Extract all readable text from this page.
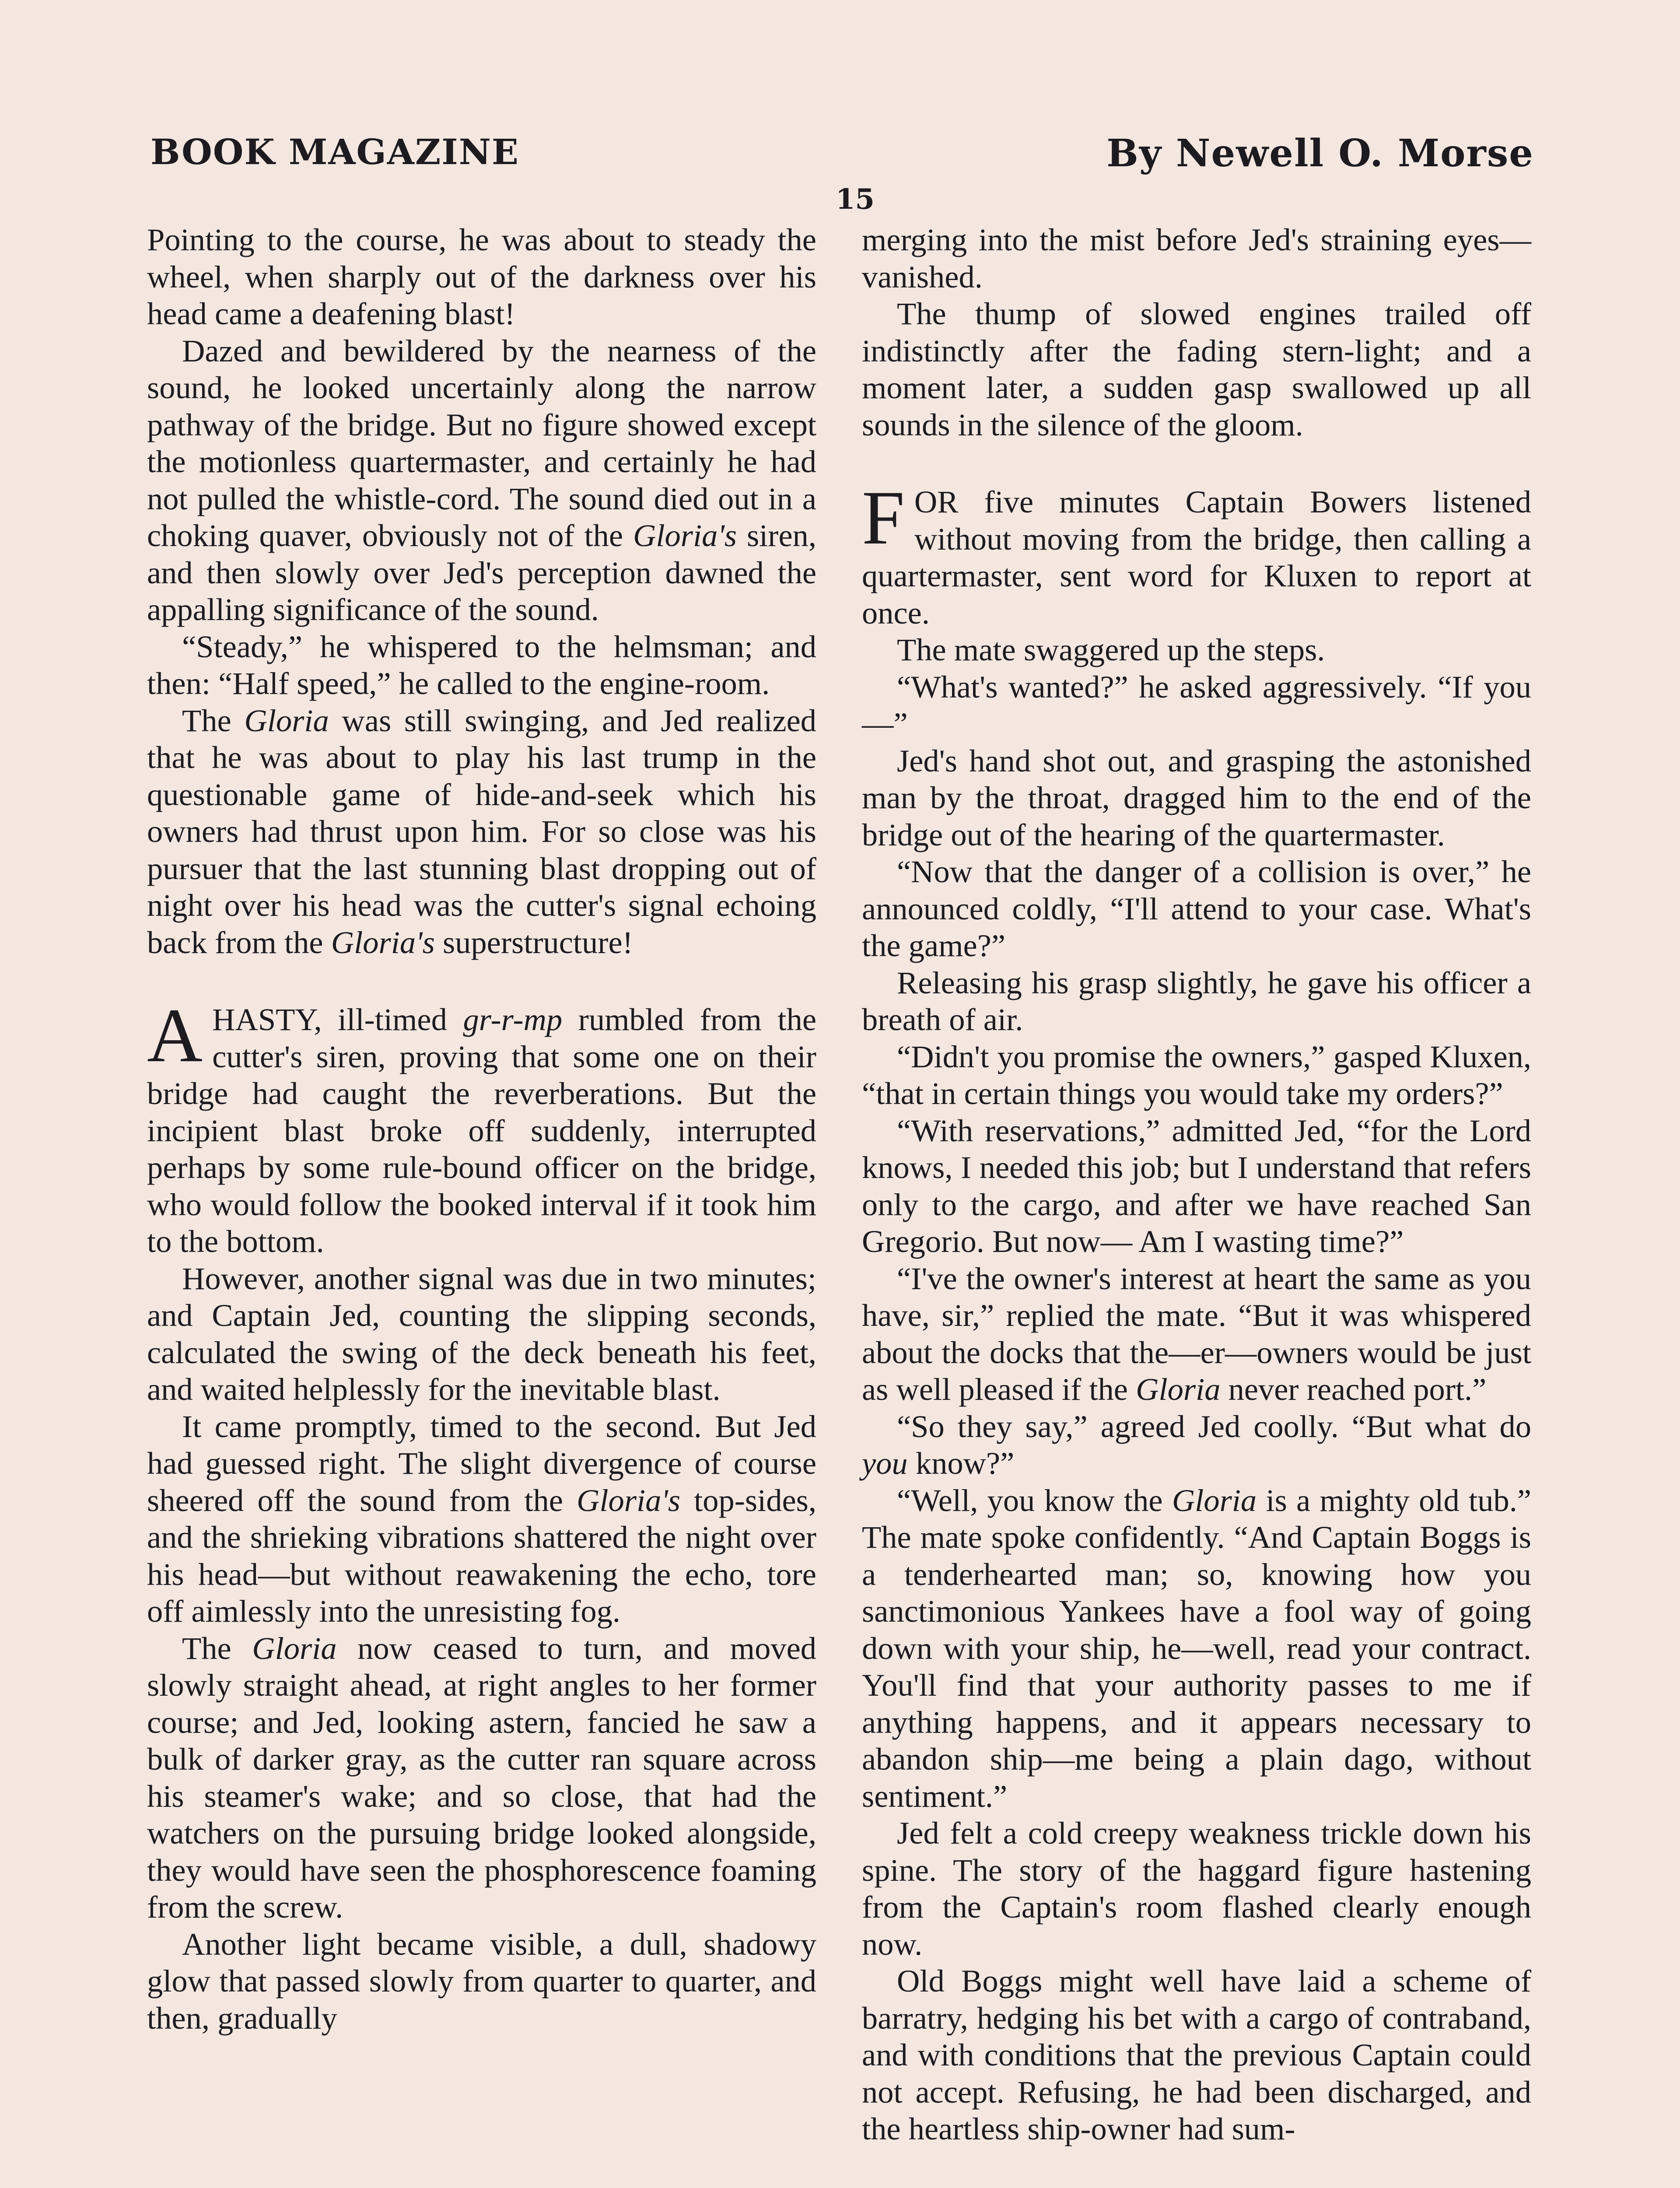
BOOK MAGAZINE	By Newell O. Morse
15

Pointing to the course, he was about to steady the wheel, when sharply out of the darkness over his head came a deafening blast!

Dazed and bewildered by the nearness of the sound, he looked uncertainly along the narrow pathway of the bridge. But no figure showed except the motionless quartermaster, and certainly he had not pulled the whistle-cord. The sound died out in a choking quaver, obviously not of the Gloria's siren, and then slowly over Jed's perception dawned the appalling significance of the sound.

“Steady,” he whispered to the helmsman; and then: “Half speed,” he called to the engine-room.

The Gloria was still swinging, and Jed realized that he was about to play his last trump in the questionable game of hide-and-seek which his owners had thrust upon him. For so close was his pursuer that the last stunning blast dropping out of night over his head was the cutter's signal echoing back from the Gloria's superstructure!

A HASTY, ill-timed gr-r-mp rumbled from the cutter's siren, proving that some one on their bridge had caught the reverberations. But the incipient blast broke off suddenly, interrupted perhaps by some rule-bound officer on the bridge, who would follow the booked interval if it took him to the bottom.

However, another signal was due in two minutes; and Captain Jed, counting the slipping seconds, calculated the swing of the deck beneath his feet, and waited helplessly for the inevitable blast.

It came promptly, timed to the second. But Jed had guessed right. The slight divergence of course sheered off the sound from the Gloria's top-sides, and the shrieking vibrations shattered the night over his head—but without reawakening the echo, tore off aimlessly into the unresisting fog.

The Gloria now ceased to turn, and moved slowly straight ahead, at right angles to her former course; and Jed, looking astern, fancied he saw a bulk of darker gray, as the cutter ran square across his steamer's wake; and so close, that had the watchers on the pursuing bridge looked alongside, they would have seen the phosphorescence foaming from the screw.

Another light became visible, a dull, shadowy glow that passed slowly from quarter to quarter, and then, gradually

merging into the mist before Jed's straining eyes—vanished.

The thump of slowed engines trailed off indistinctly after the fading stern-light; and a moment later, a sudden gasp swallowed up all sounds in the silence of the gloom.

FOR five minutes Captain Bowers listened without moving from the bridge, then calling a quartermaster, sent word for Kluxen to report at once.

The mate swaggered up the steps.

“What's wanted?” he asked aggressively. “If you—”

Jed's hand shot out, and grasping the astonished man by the throat, dragged him to the end of the bridge out of the hearing of the quartermaster.

“Now that the danger of a collision is over,” he announced coldly, “I'll attend to your case. What's the game?”

Releasing his grasp slightly, he gave his officer a breath of air.

“Didn't you promise the owners,” gasped Kluxen, “that in certain things you would take my orders?”

“With reservations,” admitted Jed, “for the Lord knows, I needed this job; but I understand that refers only to the cargo, and after we have reached San Gregorio. But now— Am I wasting time?”

“I've the owner's interest at heart the same as you have, sir,” replied the mate. “But it was whispered about the docks that the—er—owners would be just as well pleased if the Gloria never reached port.”

“So they say,” agreed Jed coolly. “But what do you know?”

“Well, you know the Gloria is a mighty old tub.” The mate spoke confidently. “And Captain Boggs is a tenderhearted man; so, knowing how you sanctimonious Yankees have a fool way of going down with your ship, he—well, read your contract. You'll find that your authority passes to me if anything happens, and it appears necessary to abandon ship—me being a plain dago, without sentiment.”

Jed felt a cold creepy weakness trickle down his spine. The story of the haggard figure hastening from the Captain's room flashed clearly enough now.

Old Boggs might well have laid a scheme of barratry, hedging his bet with a cargo of contraband, and with conditions that the previous Captain could not accept. Refusing, he had been discharged, and the heartless ship-owner had sum-
